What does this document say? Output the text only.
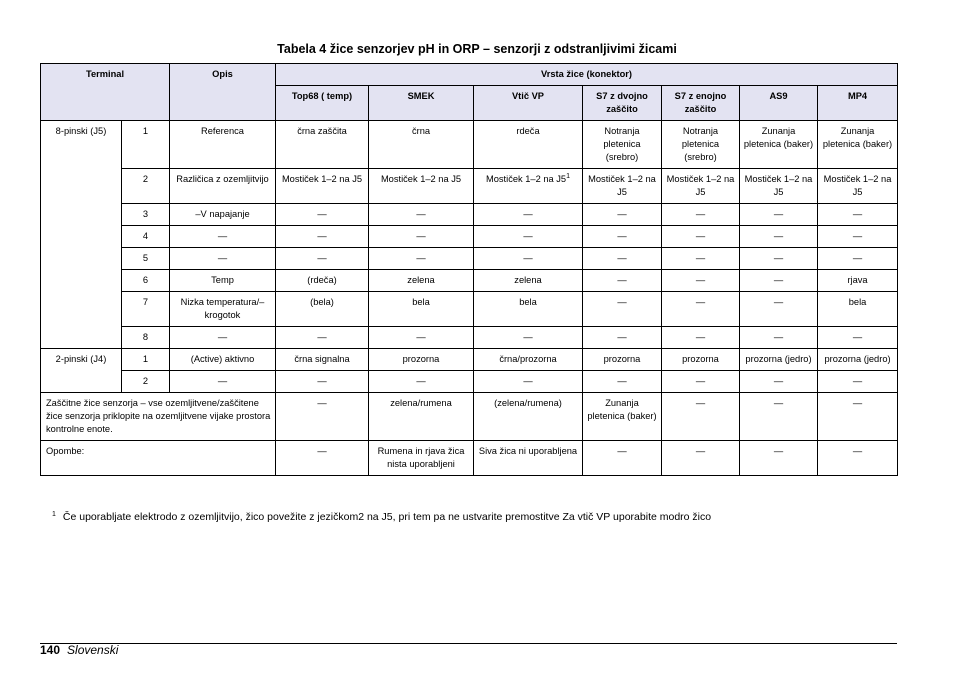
Tabela 4 žice senzorjev pH in ORP – senzorji z odstranljivimi žicami
Terminal		Opis	Vrsta žice (konektor)						
			Top68 ( temp)	SMEK	Vtič VP	S7 z dvojno zaščito	S7 z enojno zaščito	AS9	MP4
8-pinski (J5)	1	Referenca	črna zaščita	črna	rdeča	Notranja pletenica (srebro)	Notranja pletenica (srebro)	Zunanja pletenica (baker)	Zunanja pletenica (baker)
	2	Različica z ozemljitvijo	Mostiček 1–2 na J5	Mostiček 1–2 na J5	Mostiček 1–2 na $J5^1$	Mostiček 1–2 na J5	Mostiček 1–2 na J5	Mostiček 1–2 na J5	Mostiček 1–2 na J5
	3	–V napajanje	—	—	—	—	—	—	—
	4	—	—	—	—	—	—	—	—
	5	—	—	—	—	—	—	—	—
	6	Temp	(rdeča)	zelena	zelena	—	—	—	rjava
	7	Nizka temperatura/– krogotok	(bela)	bela	bela	—	—	—	bela
	8	—	—	—	—	—	—	—	—
2-pinski (J4)	1	(Active) aktivno	črna signalna	prozorna	črna/prozorna	prozorna	prozorna	prozorna (jedro)	prozorna (jedro)
	2	—	—	—	—	—	—	—	—
Zaščitne žice senzorja – vse ozemljitvene/zaščitene žice senzorja priklopite na ozemljitvene vijake prostora kontrolne enote.			—	zelena/rumena	(zelena/rumena)	Zunanja pletenica (baker)	—	—	—
Opombe:			—	Rumena in rjava žica nista uporabljeni	Siva žica ni uporabljena	—	—	—	—
$^1$ Če uporabljate elektrodo z ozemljitvijo, žico povežite z jezičkom2 na J5, pri tem pa ne ustvarite premostitve Za vtič VP uporabite modro žico
140 Slovenski
